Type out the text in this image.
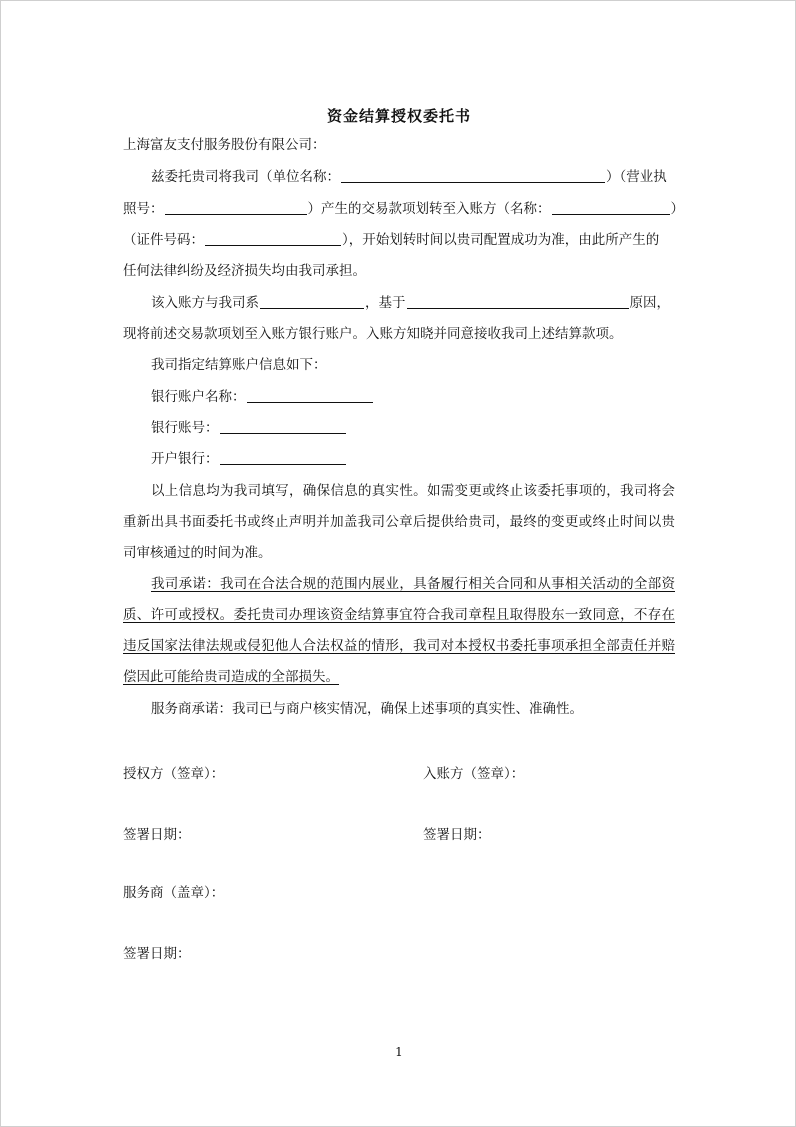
资金结算授权委托书
上海富友支付服务股份有限公司：
兹委托贵司将我司（单位名称：	）（营业执
照号：	）产生的交易款项划转至入账方（名称：	）
（证件号码：	），开始划转时间以贵司配置成功为准，由此所产生的
任何法律纠纷及经济损失均由我司承担。
该入账方与我司系	，基于	原因，
现将前述交易款项划至入账方银行账户。入账方知晓并同意接收我司上述结算款项。
我司指定结算账户信息如下：
银行账户名称：
银行账号：
开户银行：
以上信息均为我司填写，确保信息的真实性。如需变更或终止该委托事项的，我司将会
重新出具书面委托书或终止声明并加盖我司公章后提供给贵司，最终的变更或终止时间以贵
司审核通过的时间为准。
我司承诺：我司在合法合规的范围内展业，具备履行相关合同和从事相关活动的全部资
质、许可或授权。委托贵司办理该资金结算事宜符合我司章程且取得股东一致同意，不存在
违反国家法律法规或侵犯他人合法权益的情形，我司对本授权书委托事项承担全部责任并赔
偿因此可能给贵司造成的全部损失。
服务商承诺：我司已与商户核实情况，确保上述事项的真实性、准确性。
授权方（签章）：	入账方（签章）：
签署日期：	签署日期：
服务商（盖章）：
签署日期：
1
